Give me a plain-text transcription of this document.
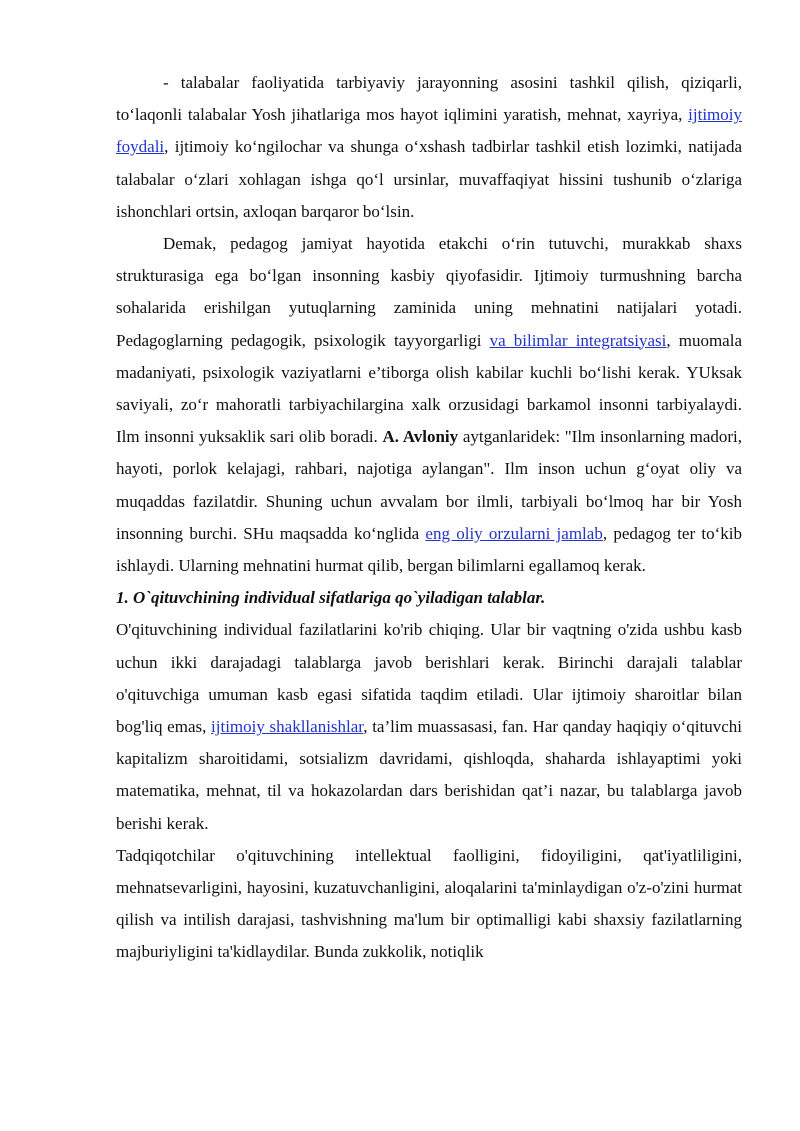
- talabalar faoliyatida tarbiyaviy jarayonning asosini tashkil qilish, qiziqarli, to‘laqonli talabalar Yosh jihatlariga mos hayot iqlimini yaratish, mehnat, xayriya, ijtimoiy foydali, ijtimoiy ko‘ngilochar va shunga o‘xshash tadbirlar tashkil etish lozimki, natijada talabalar o‘zlari xohlagan ishga qo‘l ursinlar, muvaffaqiyat hissini tushunib o‘zlariga ishonchlari ortsin, axloqan barqaror bo‘lsin.

Demak, pedagog jamiyat hayotida etakchi o‘rin tutuvchi, murakkab shaxs strukturasiga ega bo‘lgan insonning kasbiy qiyofasidir. Ijtimoiy turmushning barcha sohalarida erishilgan yutuqlarning zaminida uning mehnatini natijalari yotadi. Pedagoglarning pedagogik, psixologik tayyorgarligi va bilimlar integratsiyasi, muomala madaniyati, psixologik vaziyatlarni e’tiborga olish kabilar kuchli bo‘lishi kerak. YUksak saviyali, zo‘r mahoratli tarbiyachilargina xalk orzusidagi barkamol insonni tarbiyalaydi. Ilm insonni yuksaklik sari olib boradi. A. Avloniy aytganlaridek: "Ilm insonlarning madori, hayoti, porlok kelajagi, rahbari, najotiga aylangan". Ilm inson uchun g‘oyat oliy va muqaddas fazilatdir. Shuning uchun avvalam bor ilmli, tarbiyali bo‘lmoq har bir Yosh insonning burchi. SHu maqsadda ko‘nglida eng oliy orzularni jamlab, pedagog ter to‘kib ishlaydi. Ularning mehnatini hurmat qilib, bergan bilimlarni egallamoq kerak.

1. O`qituvchining individual sifatlariga qo`yiladigan talablar.

O'qituvchining individual fazilatlarini ko'rib chiqing. Ular bir vaqtning o'zida ushbu kasb uchun ikki darajadagi talablarga javob berishlari kerak. Birinchi darajali talablar o'qituvchiga umuman kasb egasi sifatida taqdim etiladi. Ular ijtimoiy sharoitlar bilan bog'liq emas, ijtimoiy shakllanishlar, ta’lim muassasasi, fan. Har qanday haqiqiy o‘qituvchi kapitalizm sharoitidami, sotsializm davridami, qishloqda, shaharda ishlayaptimi yoki matematika, mehnat, til va hokazolardan dars berishidan qat’i nazar, bu talablarga javob berishi kerak.

Tadqiqotchilar o'qituvchining intellektual faolligini, fidoyiligini, qat'iyatliligini, mehnatsevarligini, hayosini, kuzatuvchanligini, aloqalarini ta'minlaydigan o'z-o'zini hurmat qilish va intilish darajasi, tashvishning ma'lum bir optimalligi kabi shaxsiy fazilatlarning majburiyligini ta'kidlaydilar. Bunda zukkolik, notiqlik
